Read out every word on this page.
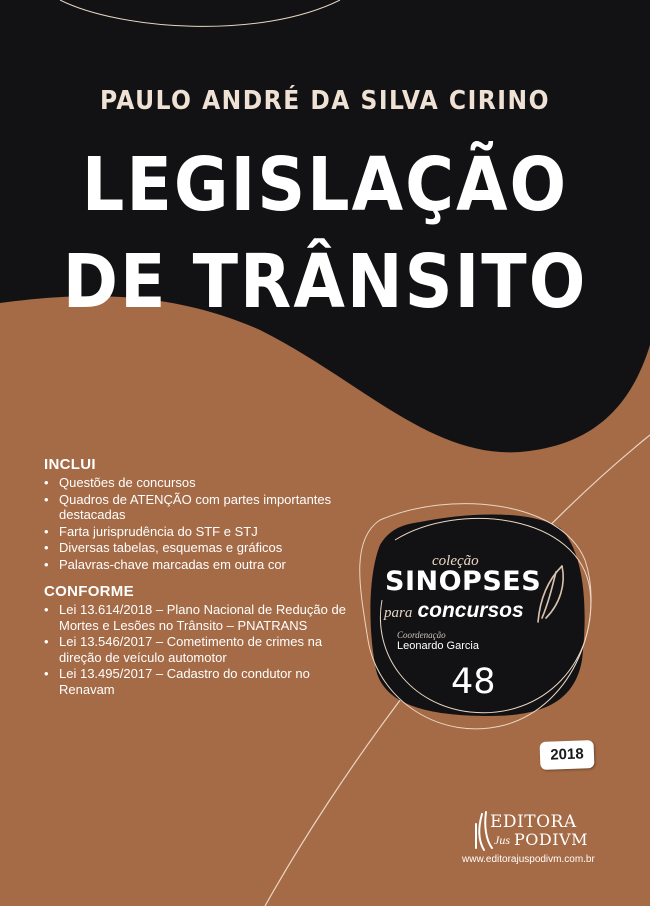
PAULO ANDRÉ DA SILVA CIRINO
LEGISLAÇÃO
DE TRÂNSITO
INCLUI
• Questões de concursos
• Quadros de ATENÇÃO com partes importantes destacadas
• Farta jurisprudência do STF e STJ
• Diversas tabelas, esquemas e gráficos
• Palavras-chave marcadas em outra cor
CONFORME
• Lei 13.614/2018 – Plano Nacional de Redução de Mortes e Lesões no Trânsito – PNATRANS
• Lei 13.546/2017 – Cometimento de crimes na direção de veículo automotor
• Lei 13.495/2017 – Cadastro do condutor no Renavam

coleção

SINOPSES

para concursos

Coordenação

Leonardo Garcia

48

2018

EDITORA

Jus PODIVM

www.editorajuspodivm.com.br
